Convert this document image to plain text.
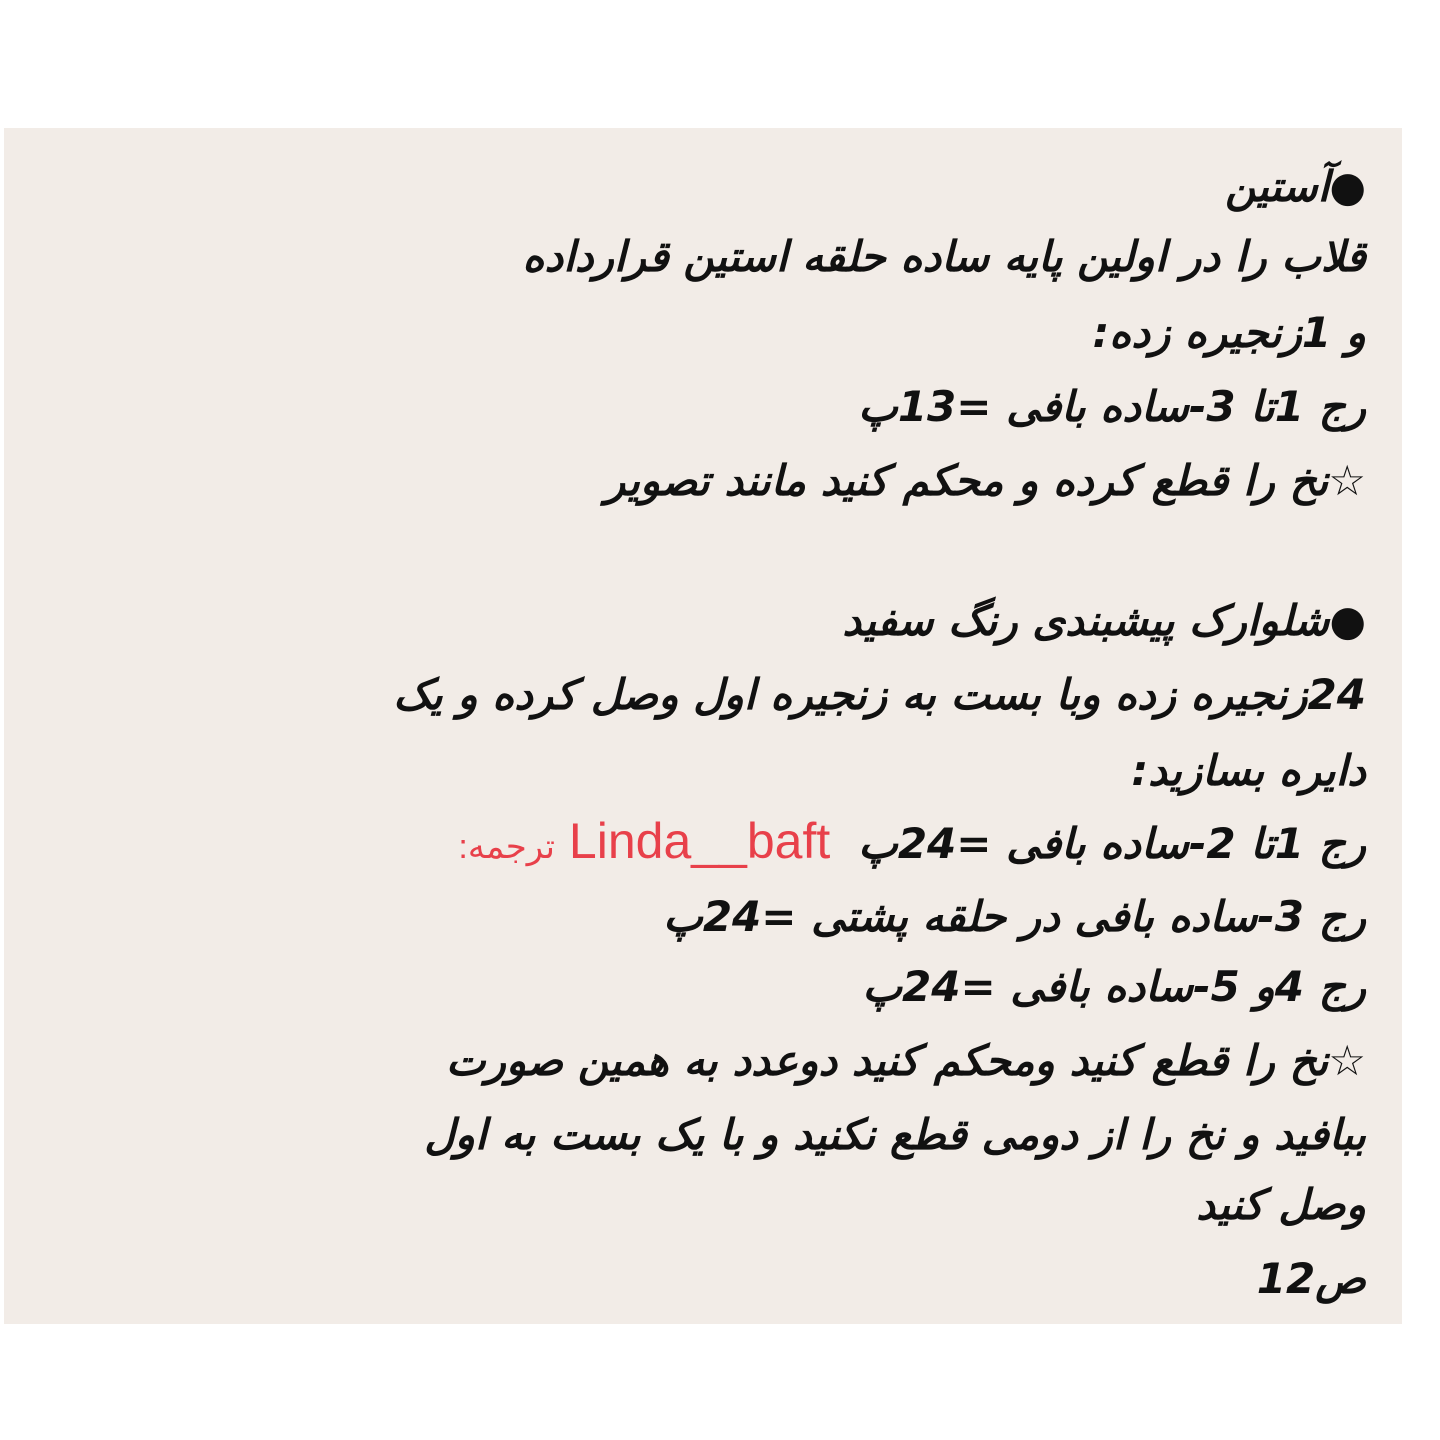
●آستین
قلاب را در اولین پایه ساده حلقه استین قرارداده
و 1زنجیره زده:
رج 1تا 3-ساده بافی =13پ
☆نخ را قطع کرده و محکم کنید مانند تصویر
●شلوارک پیشبندی رنگ سفید
24زنجیره زده وبا بست به زنجیره اول وصل کرده و یک
دایره بسازید:
رج 1تا 2-ساده بافی =24پترجمه: Linda__baft
رج 3-ساده بافی در حلقه پشتی =24پ
رج 4و 5-ساده بافی =24پ
☆نخ را قطع کنید ومحکم کنید دوعدد به همین صورت
ببافید و نخ را از دومی قطع نکنید و با یک بست به اول
وصل کنید
ص12
